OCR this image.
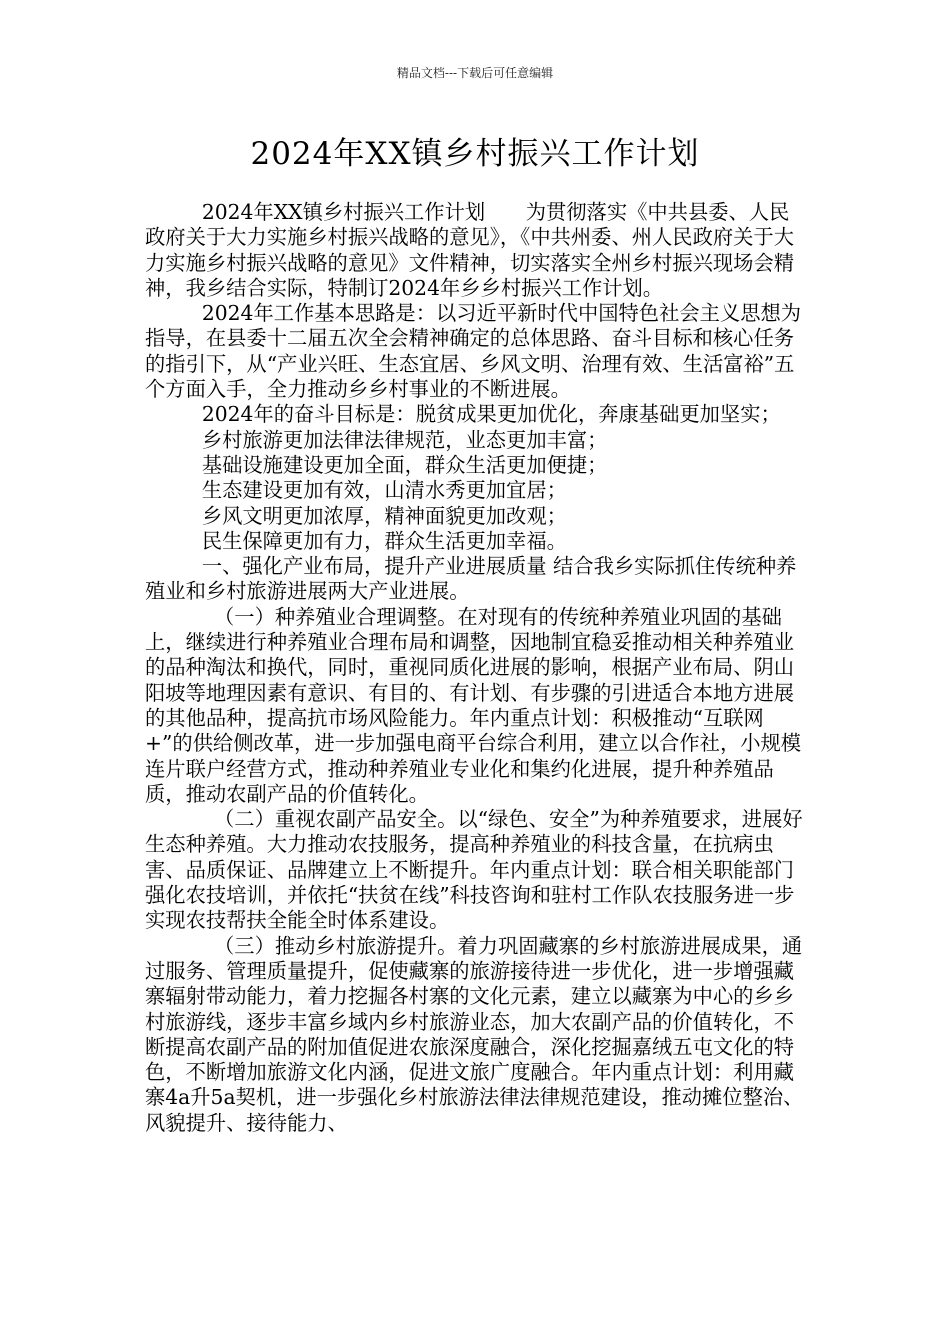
精品文档---下载后可任意编辑
2024年XX镇乡村振兴工作计划

2024年XX镇乡村振兴工作计划　　为贯彻落实《中共县委、人民政府关于大力实施乡村振兴战略的意见》，《中共州委、州人民政府关于大力实施乡村振兴战略的意见》文件精神，切实落实全州乡村振兴现场会精神，我乡结合实际，特制订2024年乡乡村振兴工作计划。

2024年工作基本思路是：以习近平新时代中国特色社会主义思想为指导，在县委十二届五次全会精神确定的总体思路、奋斗目标和核心任务的指引下，从“产业兴旺、生态宜居、乡风文明、治理有效、生活富裕”五个方面入手，全力推动乡乡村事业的不断进展。

2024年的奋斗目标是：脱贫成果更加优化，奔康基础更加坚实；

乡村旅游更加法律法律规范，业态更加丰富；

基础设施建设更加全面，群众生活更加便捷；

生态建设更加有效，山清水秀更加宜居；

乡风文明更加浓厚，精神面貌更加改观；

民生保障更加有力，群众生活更加幸福。

一、强化产业布局，提升产业进展质量 结合我乡实际抓住传统种养殖业和乡村旅游进展两大产业进展。

（一）种养殖业合理调整。在对现有的传统种养殖业巩固的基础上，继续进行种养殖业合理布局和调整，因地制宜稳妥推动相关种养殖业的品种淘汰和换代，同时，重视同质化进展的影响，根据产业布局、阴山阳坡等地理因素有意识、有目的、有计划、有步骤的引进适合本地方进展的其他品种，提高抗市场风险能力。年内重点计划：积极推动“互联网+”的供给侧改革，进一步加强电商平台综合利用，建立以合作社，小规模连片联户经营方式，推动种养殖业专业化和集约化进展，提升种养殖品质，推动农副产品的价值转化。

（二）重视农副产品安全。以“绿色、安全”为种养殖要求，进展好生态种养殖。大力推动农技服务，提高种养殖业的科技含量，在抗病虫害、品质保证、品牌建立上不断提升。年内重点计划：联合相关职能部门强化农技培训，并依托“扶贫在线”科技咨询和驻村工作队农技服务进一步实现农技帮扶全能全时体系建设。

（三）推动乡村旅游提升。着力巩固藏寨的乡村旅游进展成果，通过服务、管理质量提升，促使藏寨的旅游接待进一步优化，进一步增强藏寨辐射带动能力，着力挖掘各村寨的文化元素，建立以藏寨为中心的乡乡村旅游线，逐步丰富乡域内乡村旅游业态，加大农副产品的价值转化，不断提高农副产品的附加值促进农旅深度融合，深化挖掘嘉绒五屯文化的特色，不断增加旅游文化内涵，促进文旅广度融合。年内重点计划：利用藏寨4a升5a契机，进一步强化乡村旅游法律法律规范建设，推动摊位整治、风貌提升、接待能力、
